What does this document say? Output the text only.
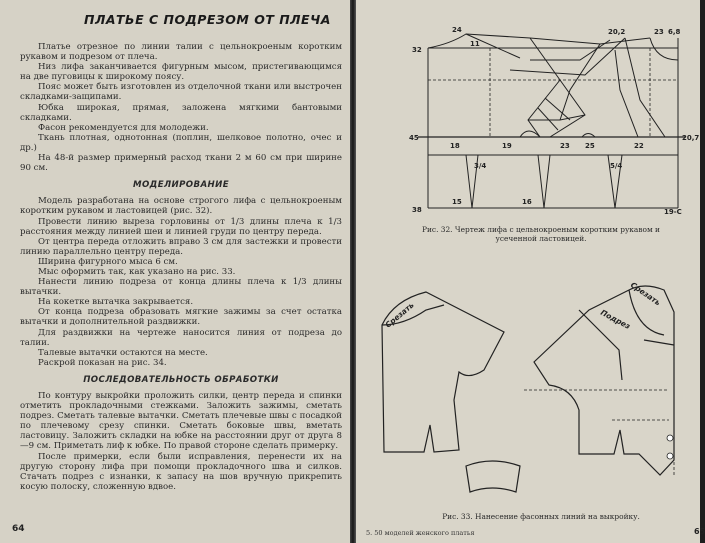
ПЛАТЬЕ С ПОДРЕЗОМ ОТ ПЛЕЧА

Платье отрезное по линии талии с цельнокроеным коротким рукавом и подрезом от плеча.

Низ лифа заканчивается фигурным мысом, пристегивающимся на две пуговицы к широкому поясу.

Пояс может быть изготовлен из отделочной ткани или выстрочен складками-защипами.

Юбка широкая, прямая, заложена мягкими бантовыми складками.

Фасон рекомендуется для молодежи.

Ткань плотная, однотонная (поплин, шелковое полотно, очес и др.)

На 48-й размер примерный расход ткани 2 м 60 см при ширине 90 см.

МОДЕЛИРОВАНИЕ

Модель разработана на основе строгого лифа с цельнокроеным коротким рукавом и ластовицей (рис. 32).

Провести линию выреза горловины от 1/3 длины плеча к 1/3 расстояния между линией шеи и линией груди по центру переда.

От центра переда отложить вправо 3 см для застежки и провести линию параллельно центру переда.

Ширина фигурного мыса 6 см.

Мыс оформить так, как указано на рис. 33.

Нанести линию подреза от конца длины плеча к 1/3 длины вытачки.

На кокетке вытачка закрывается.

От конца подреза образовать мягкие зажимы за счет остатка вытачки и дополнительной раздвижки.

Для раздвижки на чертеже наносится линия от подреза до талии.

Талевые вытачки остаются на месте.

Раскрой показан на рис. 34.

ПОСЛЕДОВАТЕЛЬНОСТЬ ОБРАБОТКИ

По контуру выкройки проложить силки, центр переда и спинки отметить прокладочными стежками. Заложить зажимы, сметать подрез. Сметать талевые вытачки. Сметать плечевые швы с посадкой по плечевому срезу спинки. Сметать боковые швы, вметать ластовицу. Заложить складки на юбке на расстоянии друг от друга 8—9 см. Приметать лиф к юбке. По правой стороне сделать примерку.

После примерки, если были исправления, перенести их на другую сторону лифа при помощи прокладочного шва и силков. Стачать подрез с изнанки, к запасу на шов вручную прикрепить косую полоску, сложенную вдвое.

64
24
11
32
20,2	23 6,8
45	20,7
18	19	23 25	22
38
15	16
19-С
3/4	5/4
Рис. 32. Чертеж лифа с цельнокроеным коротким рукавом и усеченной ластовицей.
Срезать
Срезать
Подрез
Рис. 33. Нанесение фасонных линий на выкройку.
5. 50 моделей женского платья	65
